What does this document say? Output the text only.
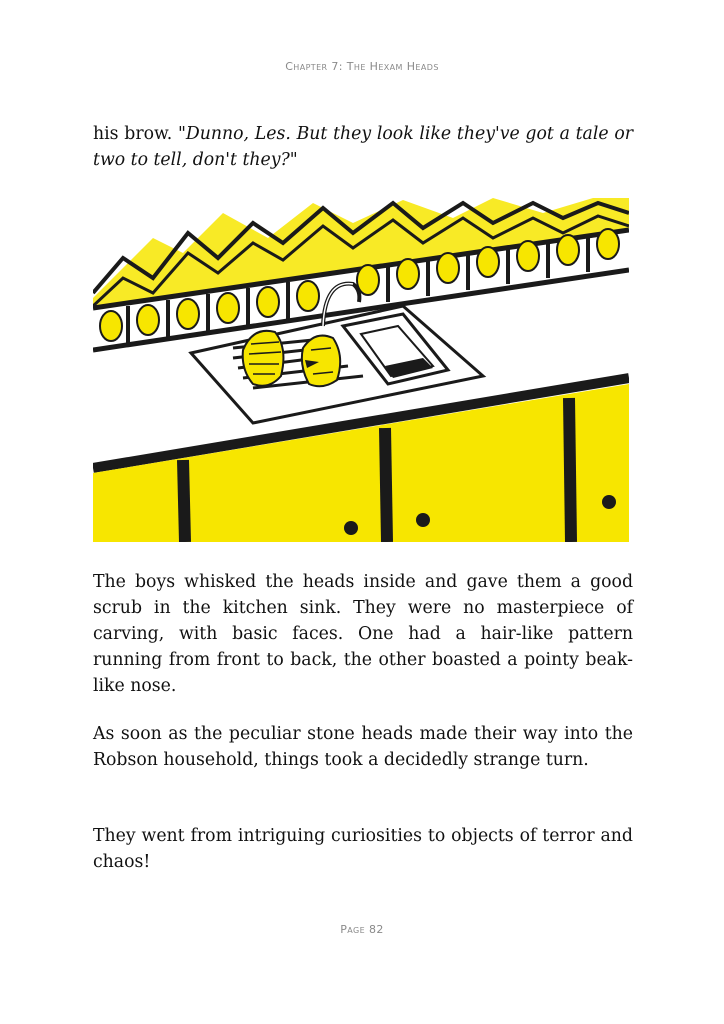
Chapter 7: The Hexam Heads

his brow. "Dunno, Les. But they look like they've got a tale or two to tell, don't they?"

The boys whisked the heads inside and gave them a good scrub in the kitchen sink. They were no masterpiece of carving, with basic faces. One had a hair-like pattern running from front to back, the other boasted a pointy beak-like nose.

As soon as the peculiar stone heads made their way into the Robson household, things took a decidedly strange turn.

They went from intriguing curiosities to objects of terror and chaos!

Page 82
